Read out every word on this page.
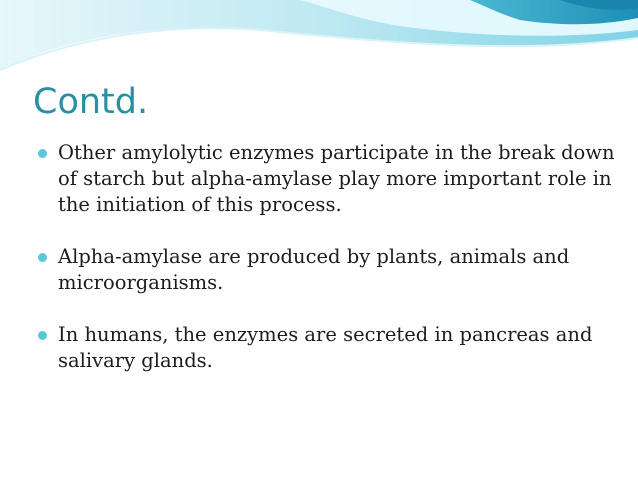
Contd.
Other amylolytic enzymes participate in the break down of starch but alpha-amylase play more important role in the initiation of this process.
Alpha-amylase are produced by plants, animals and microorganisms.
In humans, the enzymes are secreted in pancreas and salivary glands.
